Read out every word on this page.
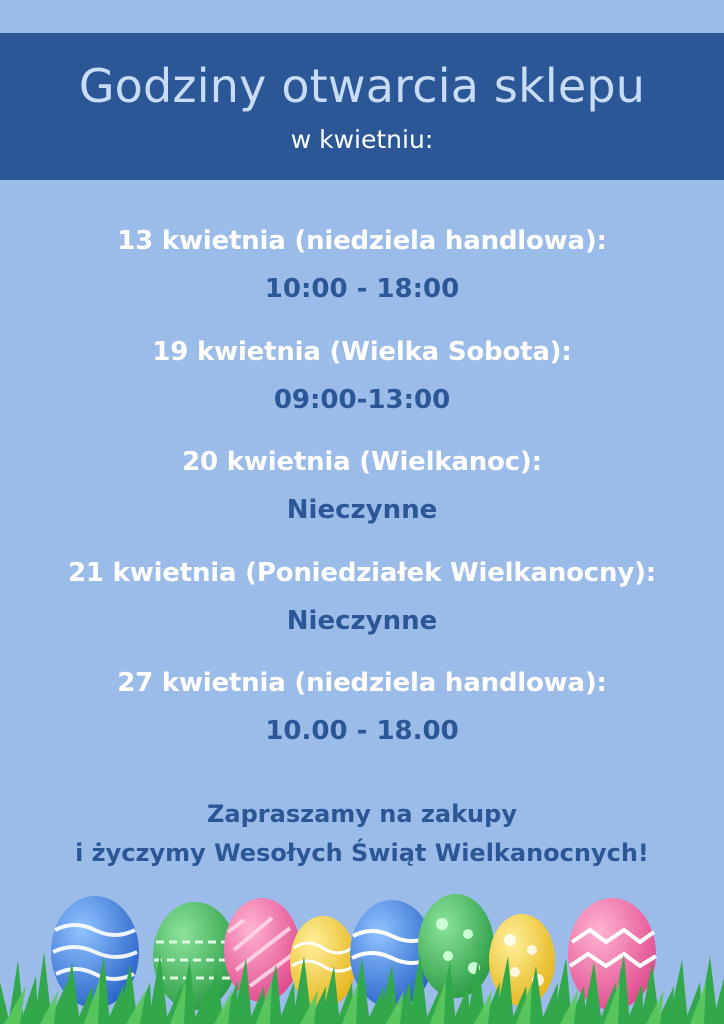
Godziny otwarcia sklepu
w kwietniu:
13 kwietnia (niedziela handlowa):
10:00 - 18:00
19 kwietnia (Wielka Sobota):
09:00-13:00
20 kwietnia (Wielkanoc):
Nieczynne
21 kwietnia (Poniedziałek Wielkanocny):
Nieczynne
27 kwietnia (niedziela handlowa):
10.00 - 18.00
Zapraszamy na zakupy
i życzymy Wesołych Świąt Wielkanocnych!
